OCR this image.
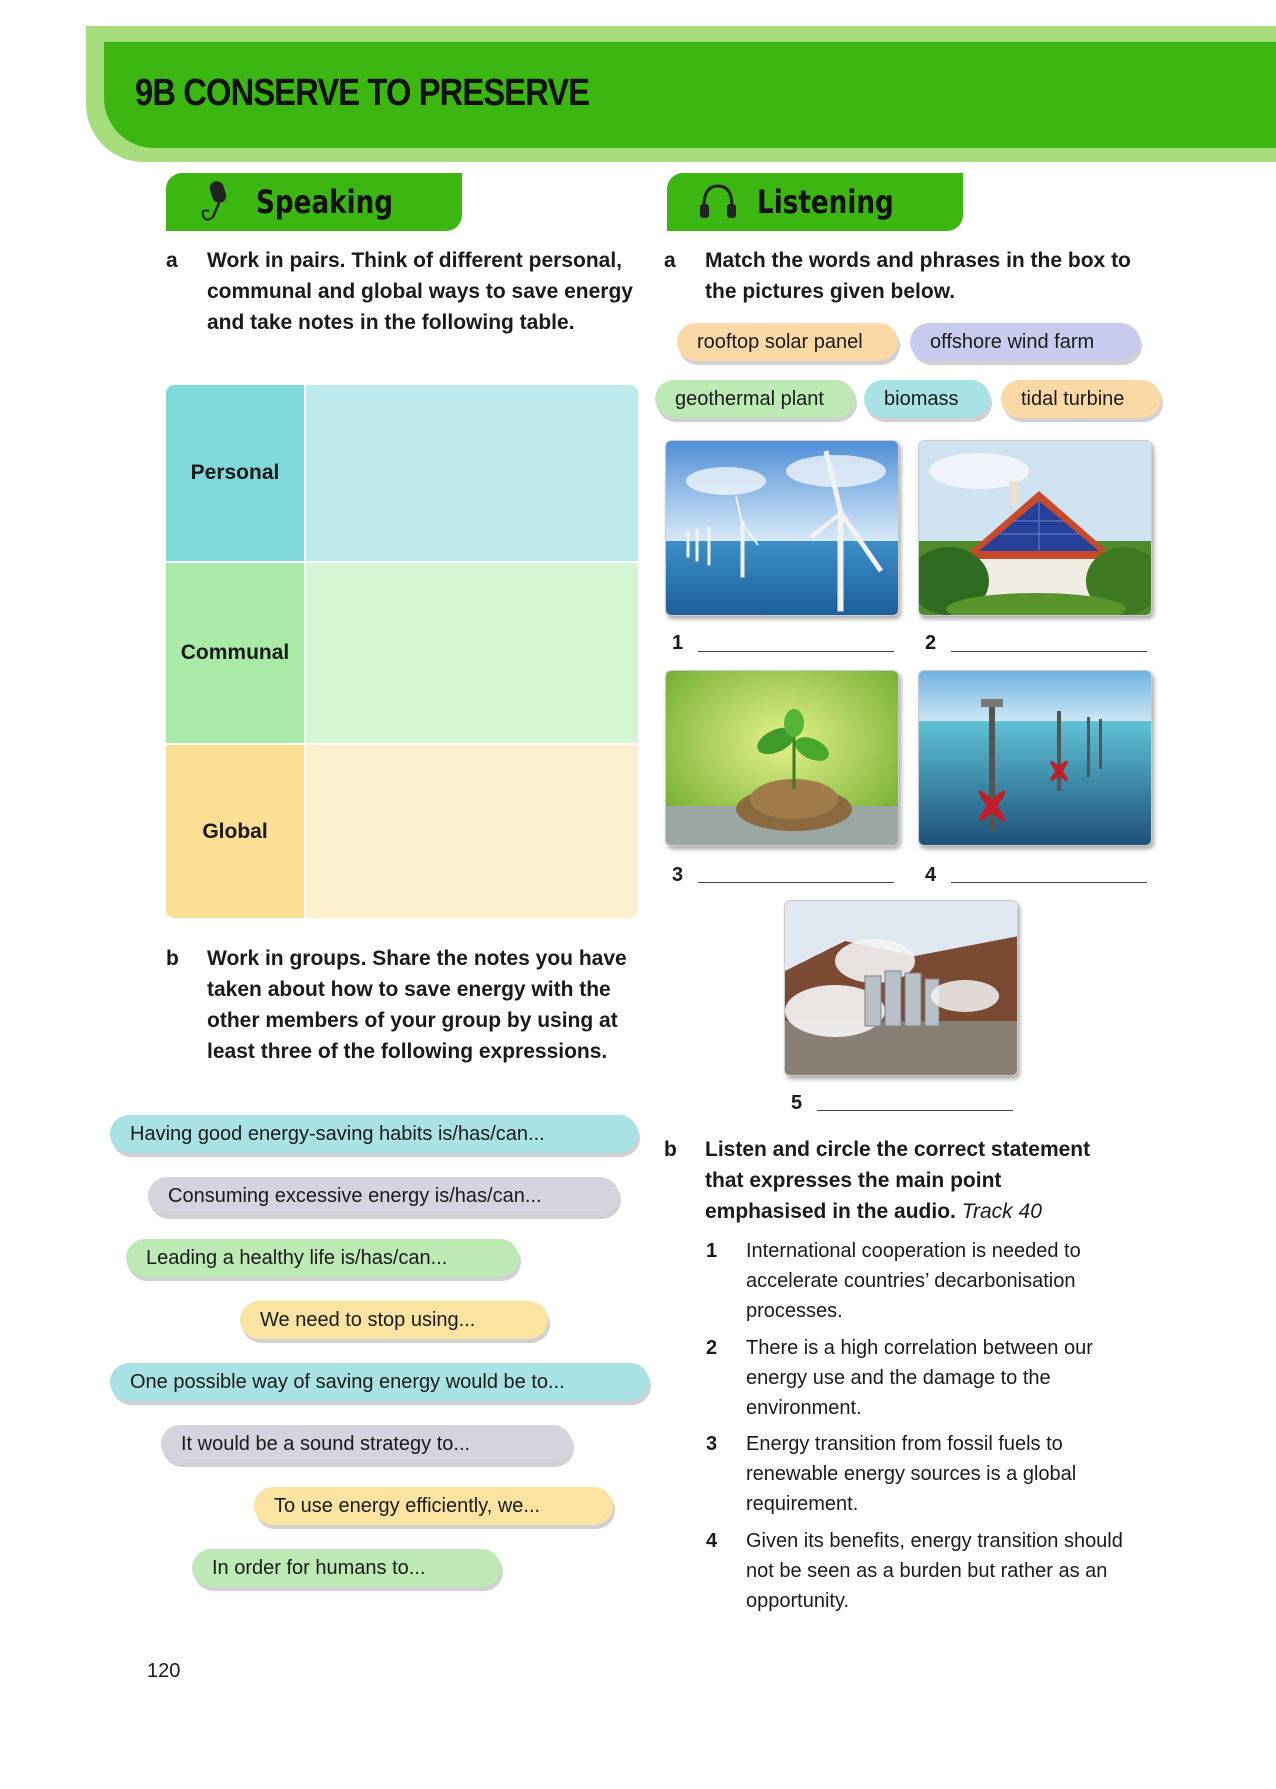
9B CONSERVE TO PRESERVE
Speaking	Listening
a Work in pairs. Think of different personal, communal and global ways to save energy and take notes in the following table.
Personal
Communal
Global
b Work in groups. Share the notes you have taken about how to save energy with the other members of your group by using at least three of the following expressions.
Having good energy-saving habits is/has/can...
Consuming excessive energy is/has/can...
Leading a healthy life is/has/can...
We need to stop using...
One possible way of saving energy would be to...
It would be a sound strategy to...
To use energy efficiently, we...
In order for humans to...
a Match the words and phrases in the box to the pictures given below.
rooftop solar panel	offshore wind farm
geothermal plant	biomass	tidal turbine
1	2
3	4
5
b Listen and circle the correct statement that expresses the main point emphasised in the audio. Track 40
1 International cooperation is needed to accelerate countries’ decarbonisation processes.
2 There is a high correlation between our energy use and the damage to the environment.
3 Energy transition from fossil fuels to renewable energy sources is a global requirement.
4 Given its benefits, energy transition should not be seen as a burden but rather as an opportunity.
120
